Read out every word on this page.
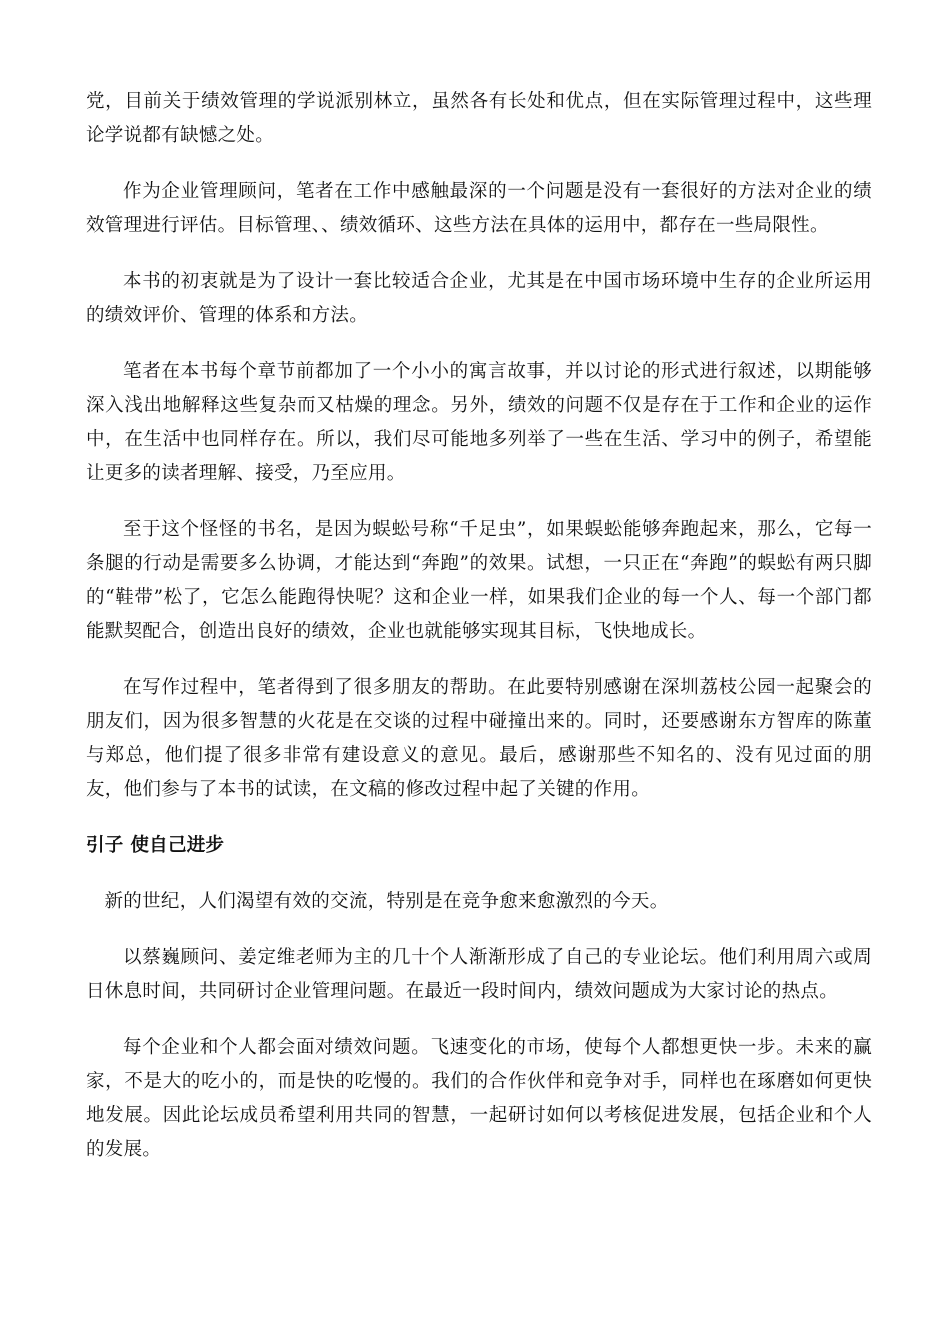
党，目前关于绩效管理的学说派别林立，虽然各有长处和优点，但在实际管理过程中，这些理论学说都有缺憾之处。

作为企业管理顾问，笔者在工作中感触最深的一个问题是没有一套很好的方法对企业的绩效管理进行评估。目标管理、、绩效循环、这些方法在具体的运用中，都存在一些局限性。

本书的初衷就是为了设计一套比较适合企业，尤其是在中国市场环境中生存的企业所运用的绩效评价、管理的体系和方法。

笔者在本书每个章节前都加了一个小小的寓言故事，并以讨论的形式进行叙述，以期能够深入浅出地解释这些复杂而又枯燥的理念。另外，绩效的问题不仅是存在于工作和企业的运作中，在生活中也同样存在。所以，我们尽可能地多列举了一些在生活、学习中的例子，希望能让更多的读者理解、接受，乃至应用。

至于这个怪怪的书名，是因为蜈蚣号称“千足虫”，如果蜈蚣能够奔跑起来，那么，它每一条腿的行动是需要多么协调，才能达到“奔跑”的效果。试想，一只正在“奔跑”的蜈蚣有两只脚的“鞋带”松了，它怎么能跑得快呢？这和企业一样，如果我们企业的每一个人、每一个部门都能默契配合，创造出良好的绩效，企业也就能够实现其目标，飞快地成长。

在写作过程中，笔者得到了很多朋友的帮助。在此要特别感谢在深圳荔枝公园一起聚会的朋友们，因为很多智慧的火花是在交谈的过程中碰撞出来的。同时，还要感谢东方智库的陈董与郑总，他们提了很多非常有建设意义的意见。最后，感谢那些不知名的、没有见过面的朋友，他们参与了本书的试读，在文稿的修改过程中起了关键的作用。

引子 使自己进步

新的世纪，人们渴望有效的交流，特别是在竞争愈来愈激烈的今天。

以蔡巍顾问、姜定维老师为主的几十个人渐渐形成了自己的专业论坛。他们利用周六或周日休息时间，共同研讨企业管理问题。在最近一段时间内，绩效问题成为大家讨论的热点。

每个企业和个人都会面对绩效问题。飞速变化的市场，使每个人都想更快一步。未来的赢家，不是大的吃小的，而是快的吃慢的。我们的合作伙伴和竞争对手，同样也在琢磨如何更快地发展。因此论坛成员希望利用共同的智慧，一起研讨如何以考核促进发展，包括企业和个人的发展。
